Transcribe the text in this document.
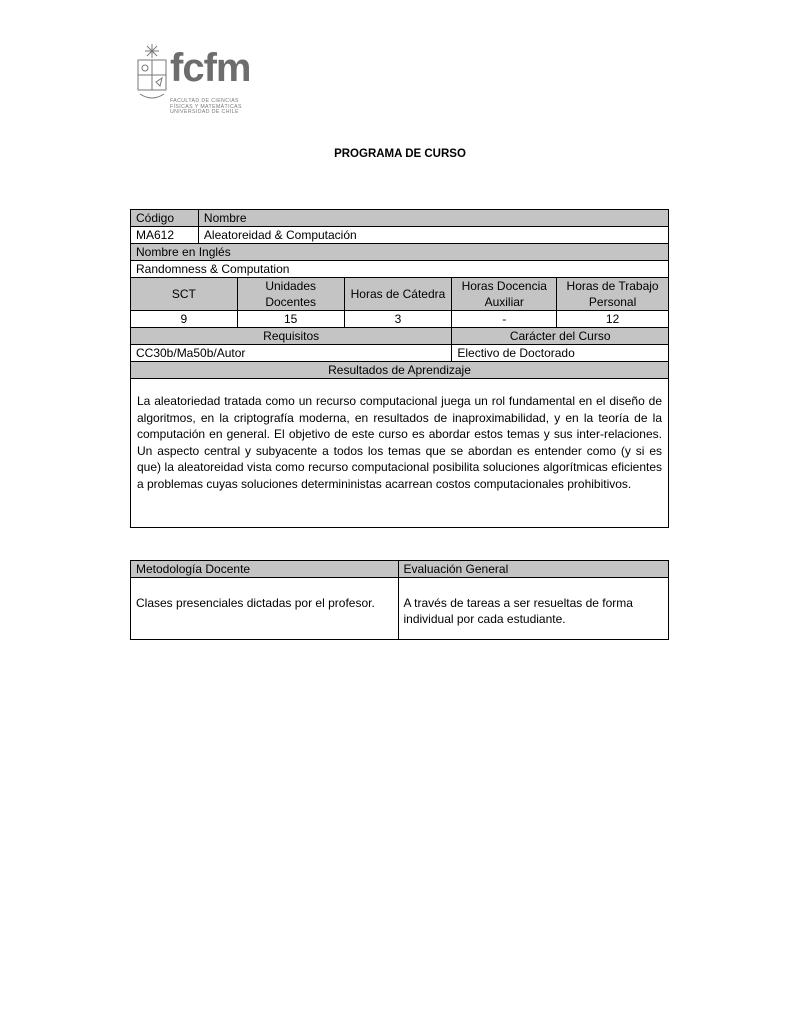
fcfm
FACULTAD DE CIENCIAS
FÍSICAS Y MATEMÁTICAS
UNIVERSIDAD DE CHILE
PROGRAMA DE CURSO
Código	Nombre				
MA612	Aleatoreidad & Computación				
Nombre en Inglés					
Randomness & Computation					
SCT		Unidades Docentes	Horas de Cátedra	Horas Docencia Auxiliar	Horas de Trabajo Personal
9		15	3	-	12
Requisitos				Carácter del Curso	
CC30b/Ma50b/Autor				Electivo de Doctorado	
Resultados de Aprendizaje					
La aleatoriedad tratada como un recurso computacional juega un rol fundamental en el diseño de algoritmos, en la criptografía moderna, en resultados de inaproximabilidad, y en la teoría de la computación en general. El objetivo de este curso es abordar estos temas y sus inter-relaciones. Un aspecto central y subyacente a todos los temas que se abordan es entender como (y si es que) la aleatoreidad vista como recurso computacional posibilita soluciones algorítmicas eficientes a problemas cuyas soluciones determininistas acarrean costos computacionales prohibitivos.					
Metodología Docente	Evaluación General
Clases presenciales dictadas por el profesor.	A través de tareas a ser resueltas de forma individual por cada estudiante.
